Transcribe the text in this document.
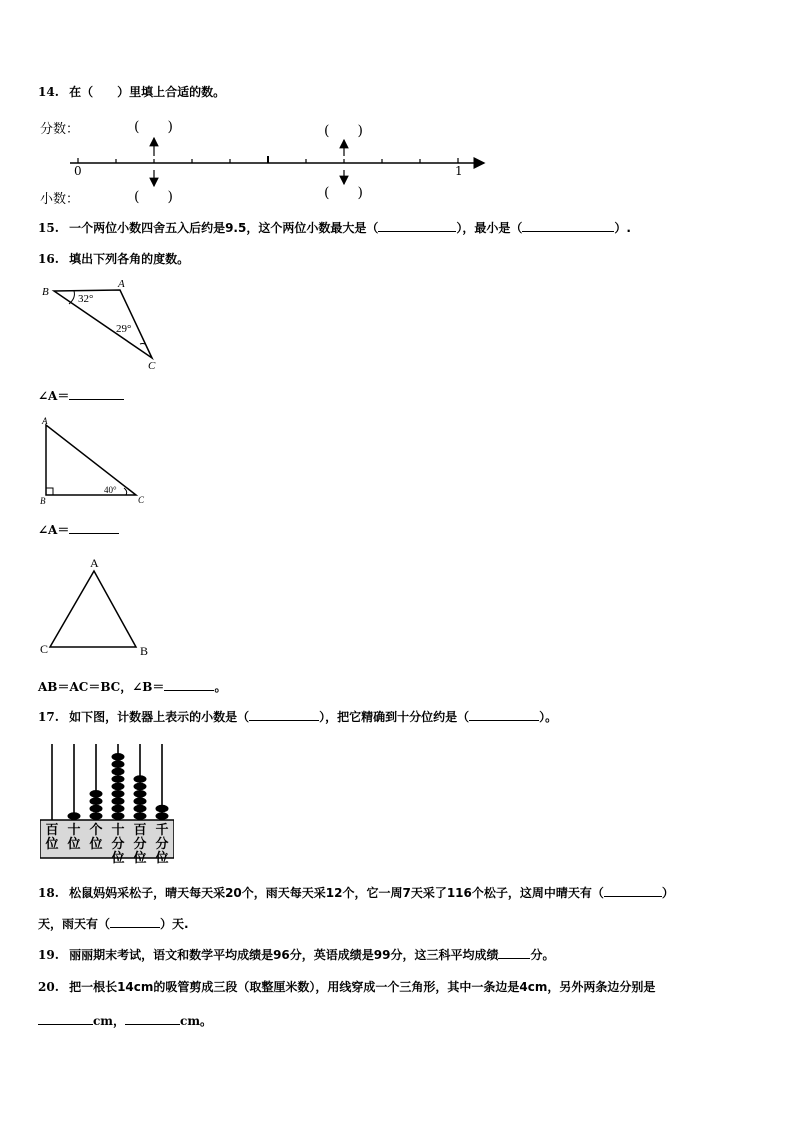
14. 在（　　）里填上合适的数。
分数：
小数：
(　　)	(　　)
(　　)	(　　)
0	1
15. 一个两位小数四舍五入后约是9.5，这个两位小数最大是（	），最小是（	）.
16. 填出下列各角的度数。
B
A
C
32°
29°
∠A＝
A
B	C
40°
∠A＝
A
C	B
AB＝AC＝BC，∠B＝	。
17. 如下图，计数器上表示的小数是（	），把它精确到十分位约是（	）。
百
位
十
位
个
位
十
分
位
百
分
位
千
分
位
18. 松鼠妈妈采松子，晴天每天采20个，雨天每天采12个，它一周7天采了116个松子，这周中晴天有（	）
天，雨天有（	）天.
19. 丽丽期末考试，语文和数学平均成绩是96分，英语成绩是99分，这三科平均成绩	分。
20. 把一根长14cm的吸管剪成三段（取整厘米数），用线穿成一个三角形，其中一条边是4cm，另外两条边分别是
cm，	cm。
